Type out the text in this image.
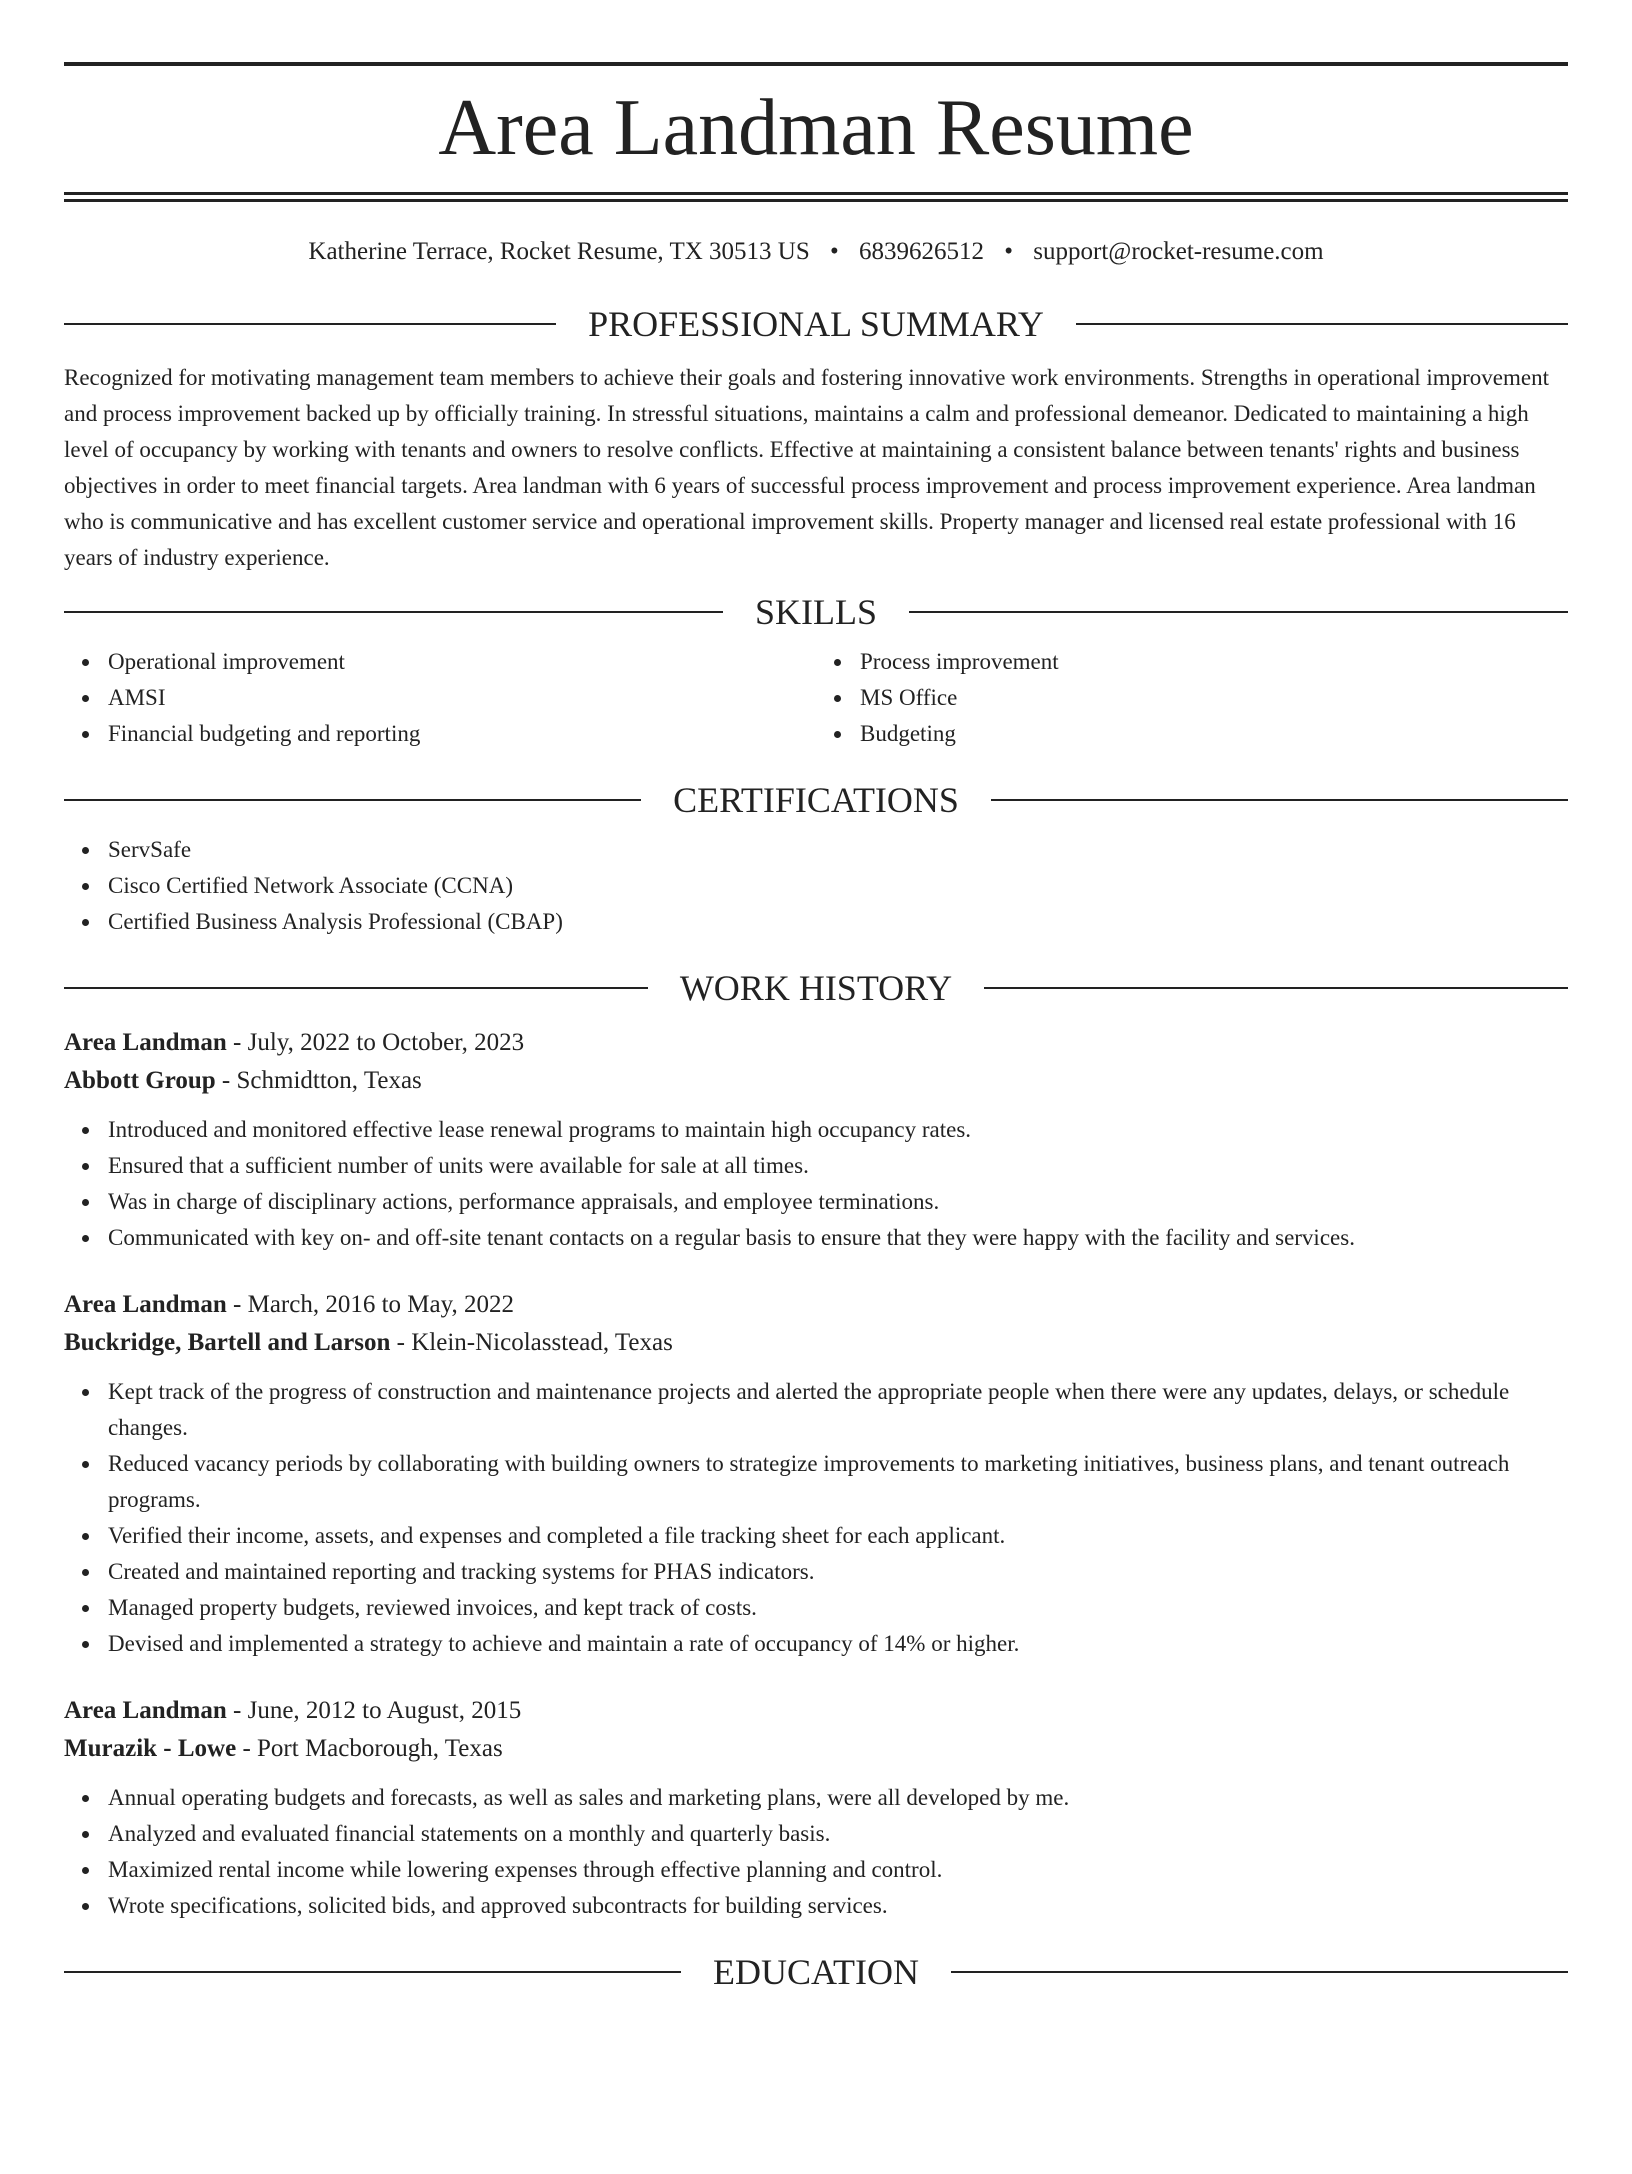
Area Landman Resume
Katherine Terrace, Rocket Resume, TX 30513 US • 6839626512 • support@rocket-resume.com
PROFESSIONAL SUMMARY

Recognized for motivating management team members to achieve their goals and fostering innovative work environments. Strengths in operational improvement and process improvement backed up by officially training. In stressful situations, maintains a calm and professional demeanor. Dedicated to maintaining a high level of occupancy by working with tenants and owners to resolve conflicts. Effective at maintaining a consistent balance between tenants' rights and business objectives in order to meet financial targets. Area landman with 6 years of successful process improvement and process improvement experience. Area landman who is communicative and has excellent customer service and operational improvement skills. Property manager and licensed real estate professional with 16 years of industry experience.

SKILLS
Operational improvement
AMSI
Financial budgeting and reporting
Process improvement
MS Office
Budgeting
CERTIFICATIONS
ServSafe
Cisco Certified Network Associate (CCNA)
Certified Business Analysis Professional (CBAP)
WORK HISTORY
Area Landman - July, 2022 to October, 2023
Abbott Group - Schmidtton, Texas
Introduced and monitored effective lease renewal programs to maintain high occupancy rates.
Ensured that a sufficient number of units were available for sale at all times.
Was in charge of disciplinary actions, performance appraisals, and employee terminations.
Communicated with key on- and off-site tenant contacts on a regular basis to ensure that they were happy with the facility and services.
Area Landman - March, 2016 to May, 2022
Buckridge, Bartell and Larson - Klein-Nicolasstead, Texas
Kept track of the progress of construction and maintenance projects and alerted the appropriate people when there were any updates, delays, or schedule changes.
Reduced vacancy periods by collaborating with building owners to strategize improvements to marketing initiatives, business plans, and tenant outreach programs.
Verified their income, assets, and expenses and completed a file tracking sheet for each applicant.
Created and maintained reporting and tracking systems for PHAS indicators.
Managed property budgets, reviewed invoices, and kept track of costs.
Devised and implemented a strategy to achieve and maintain a rate of occupancy of 14% or higher.
Area Landman - June, 2012 to August, 2015
Murazik - Lowe - Port Macborough, Texas
Annual operating budgets and forecasts, as well as sales and marketing plans, were all developed by me.
Analyzed and evaluated financial statements on a monthly and quarterly basis.
Maximized rental income while lowering expenses through effective planning and control.
Wrote specifications, solicited bids, and approved subcontracts for building services.
EDUCATION
